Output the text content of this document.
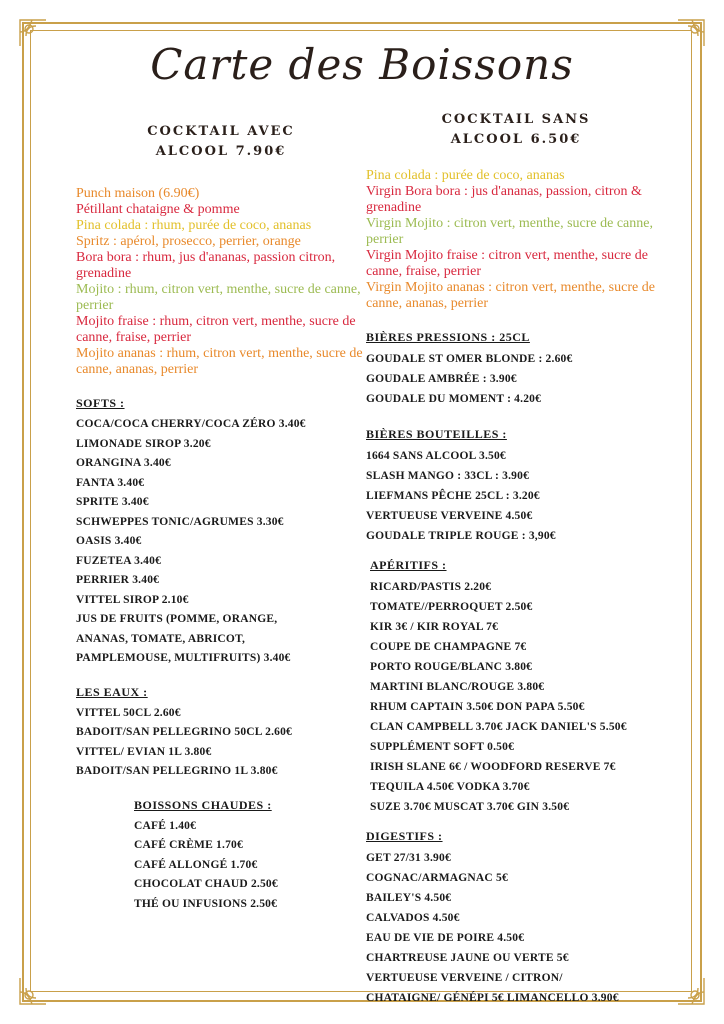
Carte des Boissons
COCKTAIL AVEC
ALCOOL 7.90€
Punch maison (6.90€)
Pétillant chataigne & pomme
Pina colada : rhum, purée de coco, ananas
Spritz : apérol, prosecco, perrier, orange
Bora bora : rhum, jus d'ananas, passion citron, grenadine
Mojito : rhum, citron vert, menthe, sucre de canne, perrier
Mojito fraise : rhum, citron vert, menthe, sucre de canne, fraise, perrier
Mojito ananas : rhum, citron vert, menthe, sucre de canne, ananas, perrier
SOFTS :
COCA/COCA CHERRY/COCA ZÉRO 3.40€
LIMONADE SIROP 3.20€
ORANGINA 3.40€
FANTA 3.40€
SPRITE 3.40€
SCHWEPPES TONIC/AGRUMES 3.30€
OASIS 3.40€
FUZETEA 3.40€
PERRIER 3.40€
VITTEL SIROP 2.10€
JUS DE FRUITS (POMME, ORANGE,
ANANAS, TOMATE, ABRICOT,
PAMPLEMOUSE, MULTIFRUITS) 3.40€
LES EAUX :
VITTEL 50CL 2.60€
BADOIT/SAN PELLEGRINO 50CL 2.60€
VITTEL/ EVIAN 1L 3.80€
BADOIT/SAN PELLEGRINO 1L 3.80€
BOISSONS CHAUDES :
CAFÉ 1.40€
CAFÉ CRÈME 1.70€
CAFÉ ALLONGÉ 1.70€
CHOCOLAT CHAUD 2.50€
THÉ OU INFUSIONS 2.50€
COCKTAIL SANS
ALCOOL 6.50€
Pina colada : purée de coco, ananas
Virgin Bora bora : jus d'ananas, passion, citron & grenadine
Virgin Mojito : citron vert, menthe, sucre de canne, perrier
Virgin Mojito fraise : citron vert, menthe, sucre de canne, fraise, perrier
Virgin Mojito ananas : citron vert, menthe, sucre de canne, ananas, perrier
BIÈRES PRESSIONS : 25CL
GOUDALE ST OMER BLONDE : 2.60€
GOUDALE AMBRÉE : 3.90€
GOUDALE DU MOMENT : 4.20€
BIÈRES BOUTEILLES :
1664 SANS ALCOOL 3.50€
SLASH MANGO : 33CL : 3.90€
LIEFMANS PÊCHE 25CL : 3.20€
VERTUEUSE VERVEINE 4.50€
GOUDALE TRIPLE ROUGE : 3,90€
APÉRITIFS :
RICARD/PASTIS 2.20€
TOMATE//PERROQUET 2.50€
KIR 3€ / KIR ROYAL 7€
COUPE DE CHAMPAGNE 7€
PORTO ROUGE/BLANC 3.80€
MARTINI BLANC/ROUGE 3.80€
RHUM CAPTAIN 3.50€ DON PAPA 5.50€
CLAN CAMPBELL 3.70€ JACK DANIEL'S 5.50€
SUPPLÉMENT SOFT 0.50€
IRISH SLANE 6€ / WOODFORD RESERVE 7€
TEQUILA 4.50€ VODKA 3.70€
SUZE 3.70€ MUSCAT 3.70€ GIN 3.50€
DIGESTIFS :
GET 27/31 3.90€
COGNAC/ARMAGNAC 5€
BAILEY'S 4.50€
CALVADOS 4.50€
EAU DE VIE DE POIRE 4.50€
CHARTREUSE JAUNE OU VERTE 5€
VERTUEUSE VERVEINE / CITRON/
CHATAIGNE/ GÉNÉPI 5€ LIMANCELLO 3.90€
